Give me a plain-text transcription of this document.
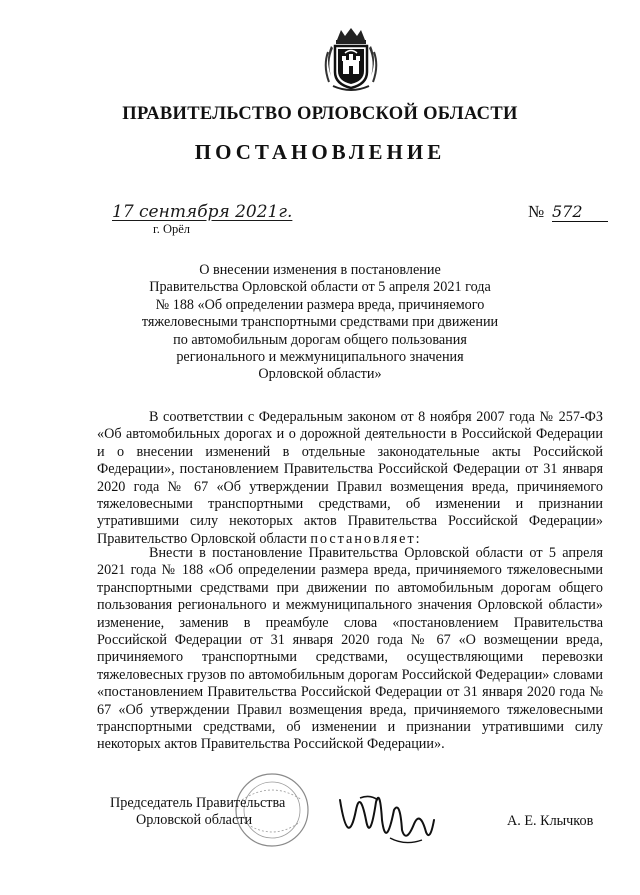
ПРАВИТЕЛЬСТВО ОРЛОВСКОЙ ОБЛАСТИ
ПОСТАНОВЛЕНИЕ
17 сентября 2021г.
г. Орёл
№ 572
О внесении изменения в постановление
Правительства Орловской области от 5 апреля 2021 года
№ 188 «Об определении размера вреда, причиняемого
тяжеловесными транспортными средствами при движении
по автомобильным дорогам общего пользования
регионального и межмуниципального значения
Орловской области»

В соответствии с Федеральным законом от 8 ноября 2007 года № 257-ФЗ «Об автомобильных дорогах и о дорожной деятельности в Российской Федерации и о внесении изменений в отдельные законодательные акты Российской Федерации», постановлением Правительства Российской Федерации от 31 января 2020 года № 67 «Об утверждении Правил возмещения вреда, причиняемого тяжеловесными транспортными средствами, об изменении и признании утратившими силу некоторых актов Правительства Российской Федерации» Правительство Орловской области постановляет:

Внести в постановление Правительства Орловской области от 5 апреля 2021 года № 188 «Об определении размера вреда, причиняемого тяжеловесными транспортными средствами при движении по автомобильным дорогам общего пользования регионального и межмуниципального значения Орловской области» изменение, заменив в преамбуле слова «постановлением Правительства Российской Федерации от 31 января 2020 года № 67 «О возмещении вреда, причиняемого транспортными средствами, осуществляющими перевозки тяжеловесных грузов по автомобильным дорогам Российской Федерации» словами «постановлением Правительства Российской Федерации от 31 января 2020 года № 67 «Об утверждении Правил возмещения вреда, причиняемого тяжеловесными транспортными средствами, об изменении и признании утратившими силу некоторых актов Правительства Российской Федерации».

Председатель Правительства
Орловской области	А. Е. Клычков
